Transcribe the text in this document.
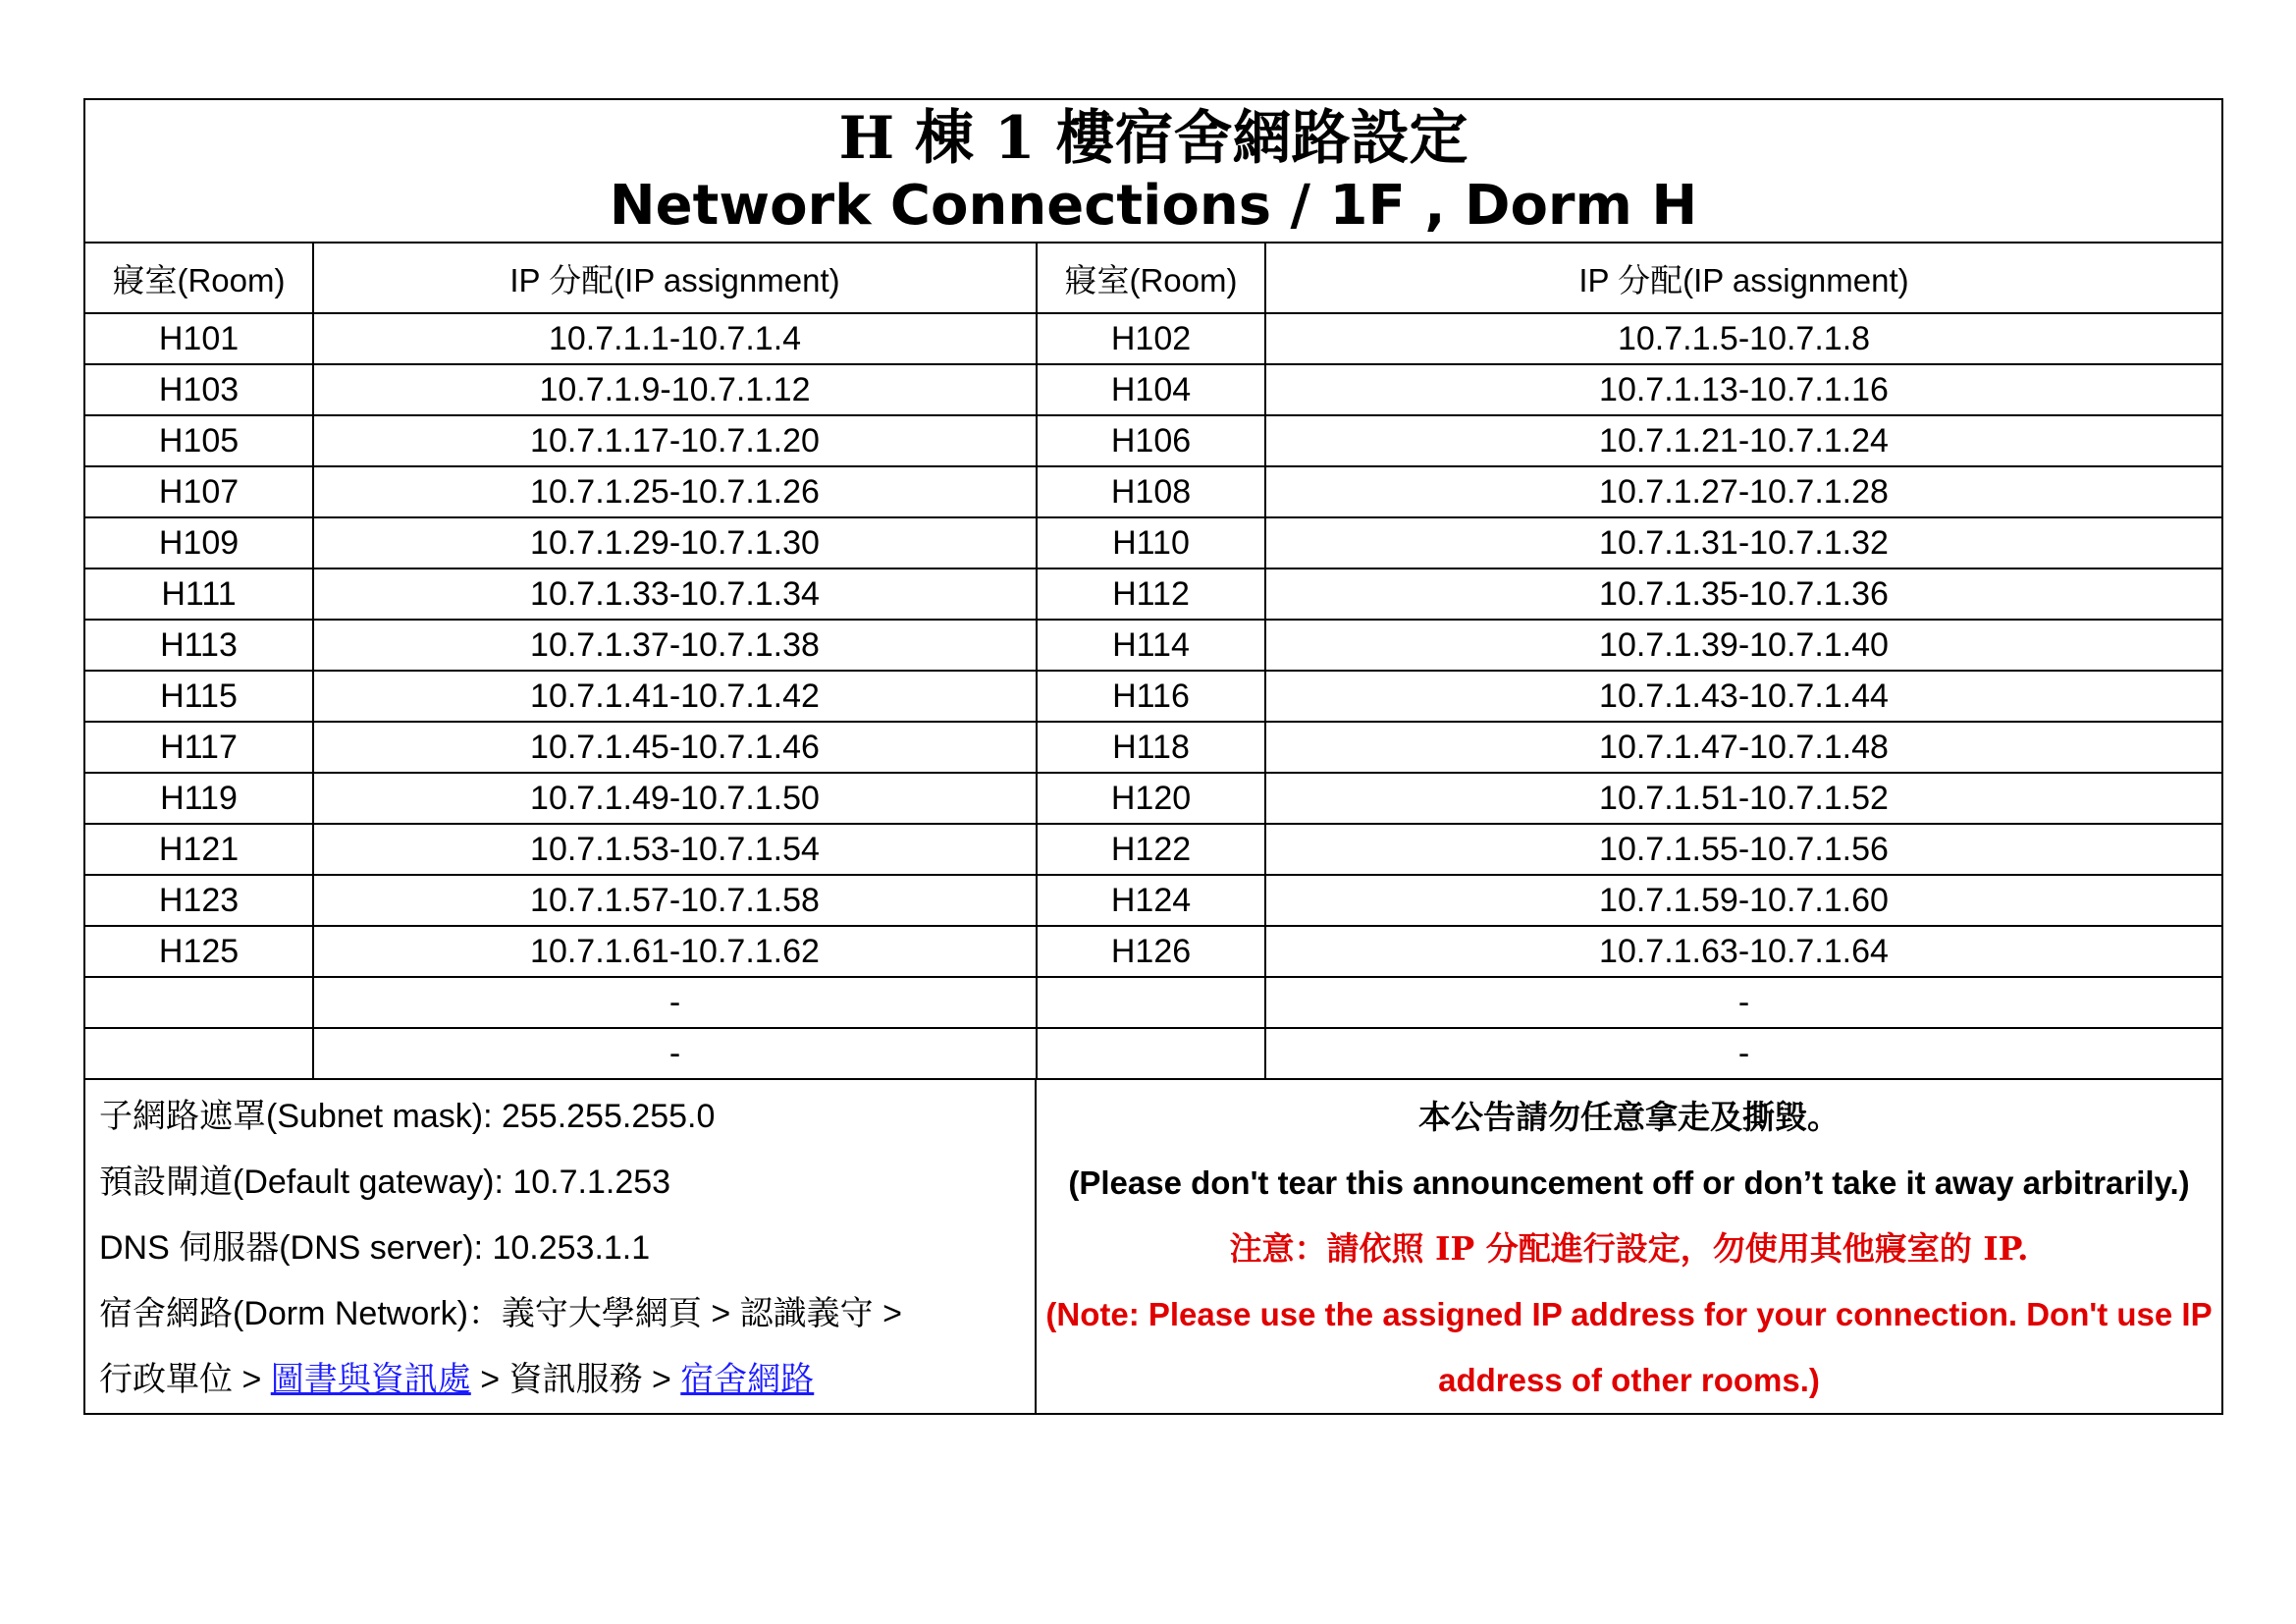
H 棟 1 樓宿舍網路設定
Network Connections / 1F , Dorm H
寢室(Room)	IP 分配(IP assignment)	寢室(Room)	IP 分配(IP assignment)
H101	10.7.1.1-10.7.1.4	H102	10.7.1.5-10.7.1.8
H103	10.7.1.9-10.7.1.12	H104	10.7.1.13-10.7.1.16
H105	10.7.1.17-10.7.1.20	H106	10.7.1.21-10.7.1.24
H107	10.7.1.25-10.7.1.26	H108	10.7.1.27-10.7.1.28
H109	10.7.1.29-10.7.1.30	H110	10.7.1.31-10.7.1.32
H111	10.7.1.33-10.7.1.34	H112	10.7.1.35-10.7.1.36
H113	10.7.1.37-10.7.1.38	H114	10.7.1.39-10.7.1.40
H115	10.7.1.41-10.7.1.42	H116	10.7.1.43-10.7.1.44
H117	10.7.1.45-10.7.1.46	H118	10.7.1.47-10.7.1.48
H119	10.7.1.49-10.7.1.50	H120	10.7.1.51-10.7.1.52
H121	10.7.1.53-10.7.1.54	H122	10.7.1.55-10.7.1.56
H123	10.7.1.57-10.7.1.58	H124	10.7.1.59-10.7.1.60
H125	10.7.1.61-10.7.1.62	H126	10.7.1.63-10.7.1.64
	-		-
	-		-
子網路遮罩(Subnet mask): 255.255.255.0
預設閘道(Default gateway): 10.7.1.253
DNS 伺服器(DNS server): 10.253.1.1
宿舍網路(Dorm Network)：義守大學網頁 > 認識義守 >
行政單位 > 圖書與資訊處 > 資訊服務 > 宿舍網路
本公告請勿任意拿走及撕毀。
(Please don't tear this announcement off or don’t take it away arbitrarily.)
注意：請依照 IP 分配進行設定，勿使用其他寢室的 IP.
(Note: Please use the assigned IP address for your connection. Don't use IP
address of other rooms.)
